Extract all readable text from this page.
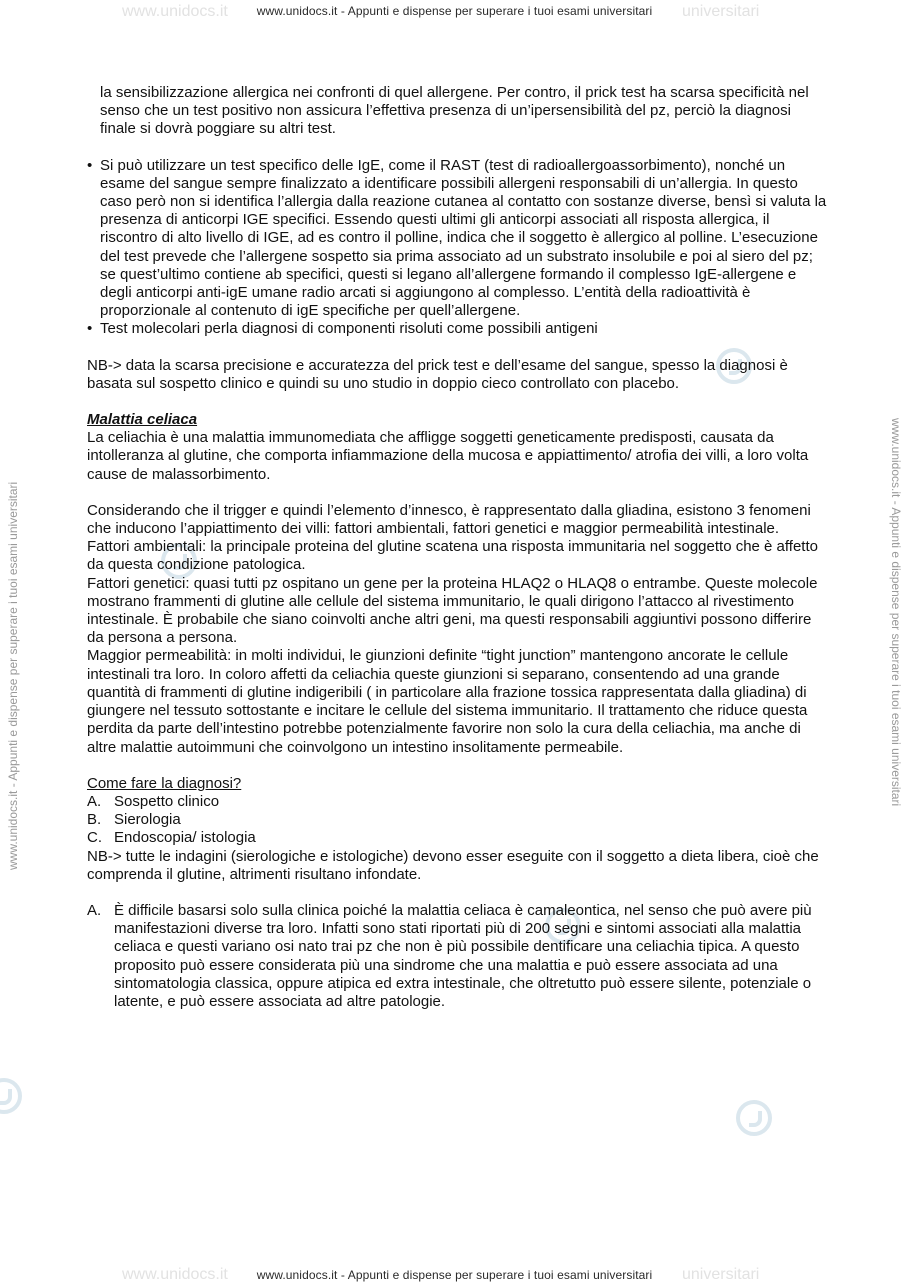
www.unidocs.it	universitari
www.unidocs.it	universitari
www.unidocs.it - Appunti e dispense per superare i tuoi esami universitari
www.unidocs.it - Appunti e dispense per superare i tuoi esami universitari	www.unidocs.it - Appunti e dispense per superare i tuoi esami universitari

la sensibilizzazione allergica nei confronti di quel allergene. Per contro, il prick test ha scarsa specificità nel senso che un test positivo non assicura l’effettiva presenza di un’ipersensibilità del pz, perciò la diagnosi finale si dovrà poggiare su altri test.

• Si può utilizzare un test specifico delle IgE, come il RAST (test di radioallergoassorbimento), nonché un esame del sangue sempre finalizzato a identificare possibili allergeni responsabili di un’allergia. In questo caso però non si identifica l’allergia dalla reazione cutanea al contatto con sostanze diverse, bensì si valuta la presenza di anticorpi IGE specifici. Essendo questi ultimi gli anticorpi associati all risposta allergica, il riscontro di alto livello di IGE, ad es contro il polline, indica che il soggetto è allergico al polline. L’esecuzione del test prevede che l’allergene sospetto sia prima associato ad un substrato insolubile e poi al siero del pz; se quest’ultimo contiene ab specifici, questi si legano all’allergene formando il complesso IgE-allergene e degli anticorpi anti-igE umane radio arcati si aggiungono al complesso. L’entità della radioattività è proporzionale al contenuto di igE specifiche per quell’allergene.

• Test molecolari perla diagnosi di componenti risoluti come possibili antigeni

NB-> data la scarsa precisione e accuratezza del prick test e dell’esame del sangue, spesso la diagnosi è basata sul sospetto clinico e quindi su uno studio in doppio cieco controllato con placebo.

Malattia celiaca

La celiachia è una malattia immunomediata che affligge soggetti geneticamente predisposti, causata da intolleranza al glutine, che comporta infiammazione della mucosa e appiattimento/ atrofia dei villi, a loro volta cause de malassorbimento.

Considerando che il trigger e quindi l’elemento d’innesco, è rappresentato dalla gliadina, esistono 3 fenomeni che inducono l’appiattimento dei villi: fattori ambientali, fattori genetici e maggior permeabilità intestinale.

Fattori ambientali: la principale proteina del glutine scatena una risposta immunitaria nel soggetto che è affetto da questa condizione patologica.

Fattori genetici: quasi tutti pz ospitano un gene per la proteina HLAQ2 o HLAQ8 o entrambe. Queste molecole mostrano frammenti di glutine alle cellule del sistema immunitario, le quali dirigono l’attacco al rivestimento intestinale. È probabile che siano coinvolti anche altri geni, ma questi responsabili aggiuntivi possono differire da persona a persona.

Maggior permeabilità: in molti individui, le giunzioni definite “tight junction” mantengono ancorate le cellule intestinali tra loro. In coloro affetti da celiachia queste giunzioni si separano, consentendo ad una grande quantità di frammenti di glutine indigeribili ( in particolare alla frazione tossica rappresentata dalla gliadina) di giungere nel tessuto sottostante e incitare le cellule del sistema immunitario. Il trattamento che riduce questa perdita da parte dell’intestino potrebbe potenzialmente favorire non solo la cura della celiachia, ma anche di altre malattie autoimmuni che coinvolgono un intestino insolitamente permeabile.

Come fare la diagnosi?

A. Sospetto clinico
B. Sierologia
C. Endoscopia/ istologia

NB-> tutte le indagini (sierologiche e istologiche) devono esser eseguite con il soggetto a dieta libera, cioè che comprenda il glutine, altrimenti risultano infondate.

A. È difficile basarsi solo sulla clinica poiché la malattia celiaca è camaleontica, nel senso che può avere più manifestazioni diverse tra loro. Infatti sono stati riportati più di 200 segni e sintomi associati alla malattia celiaca e questi variano osi nato trai pz che non è più possibile dentificare una celiachia tipica. A questo proposito può essere considerata più una sindrome che una malattia e può essere associata ad una sintomatologia classica, oppure atipica ed extra intestinale, che oltretutto può essere silente, potenziale o latente, e può essere associata ad altre patologie.

www.unidocs.it - Appunti e dispense per superare i tuoi esami universitari
